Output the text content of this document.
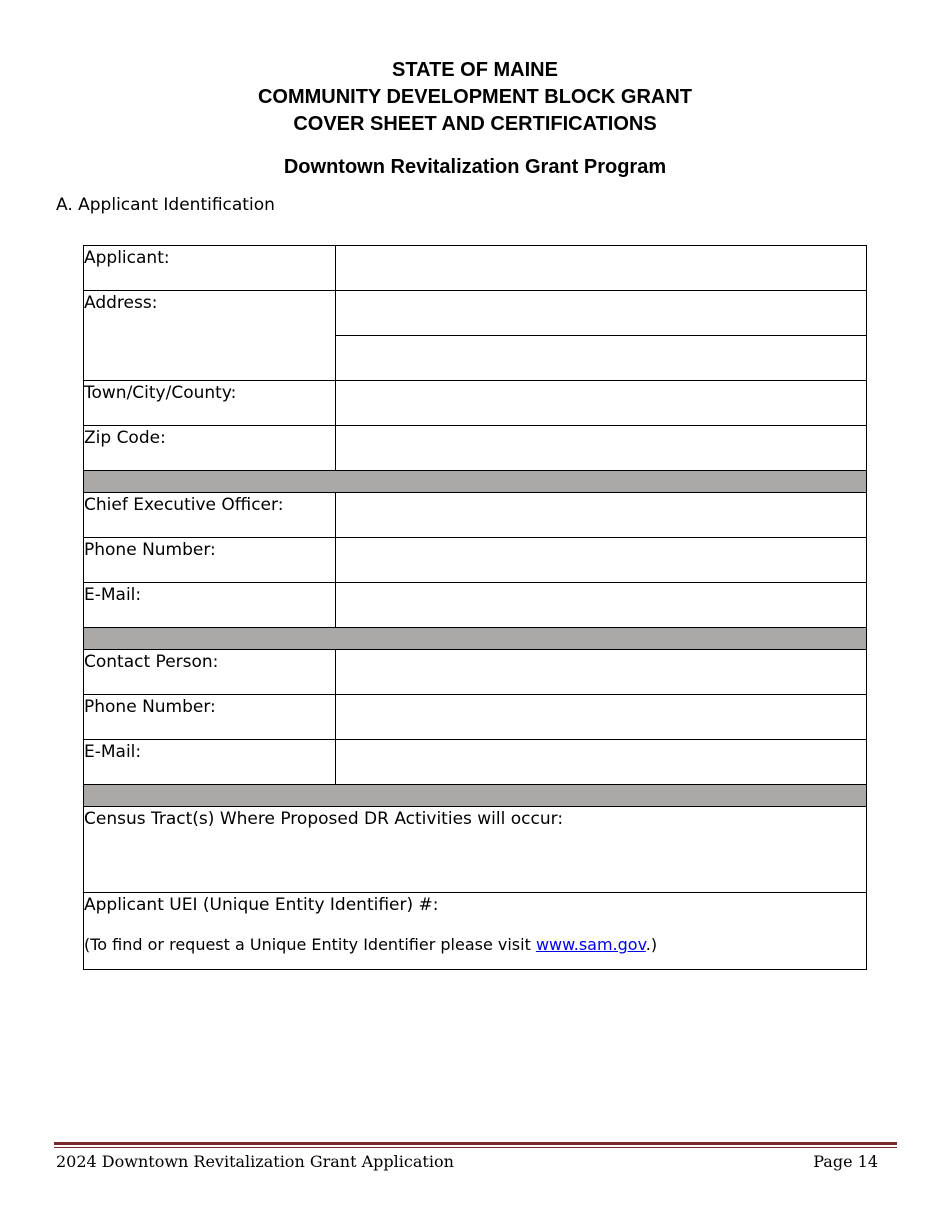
STATE OF MAINE
COMMUNITY DEVELOPMENT BLOCK GRANT
COVER SHEET AND CERTIFICATIONS
Downtown Revitalization Grant Program
A. Applicant Identification
Applicant:	

Address:	

Town/City/County:	

Zip Code:	

Chief Executive Officer:	

Phone Number:	

E-Mail:	

Contact Person:	

Phone Number:	

E-Mail:	

Census Tract(s) Where Proposed DR Activities will occur:	

Applicant UEI (Unique Entity Identifier) #:
(To find or request a Unique Entity Identifier please visit www.sam.gov.)	
2024 Downtown Revitalization Grant Application	Page 14
